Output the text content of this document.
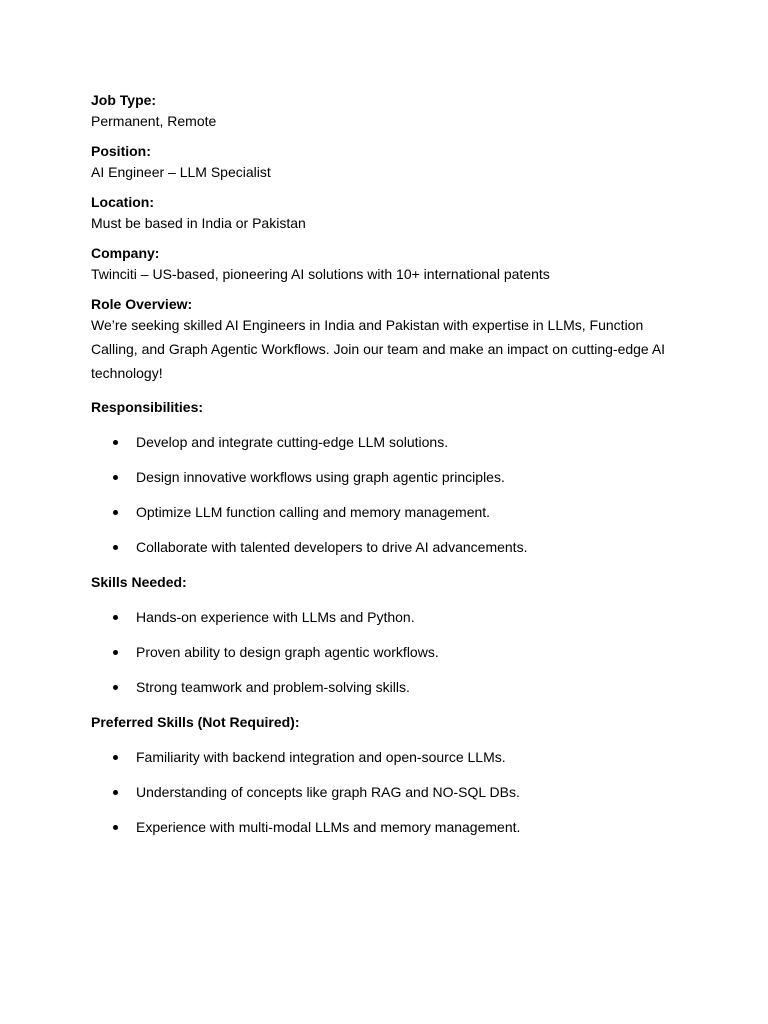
Job Type:

Permanent, Remote

Position:

AI Engineer – LLM Specialist

Location:

Must be based in India or Pakistan

Company:

Twinciti – US-based, pioneering AI solutions with 10+ international patents

Role Overview:

We’re seeking skilled AI Engineers in India and Pakistan with expertise in LLMs, Function Calling, and Graph Agentic Workflows. Join our team and make an impact on cutting-edge AI technology!

Responsibilities:

Develop and integrate cutting-edge LLM solutions.
Design innovative workflows using graph agentic principles.
Optimize LLM function calling and memory management.
Collaborate with talented developers to drive AI advancements.

Skills Needed:

Hands-on experience with LLMs and Python.
Proven ability to design graph agentic workflows.
Strong teamwork and problem-solving skills.

Preferred Skills (Not Required):

Familiarity with backend integration and open-source LLMs.
Understanding of concepts like graph RAG and NO-SQL DBs.
Experience with multi-modal LLMs and memory management.
